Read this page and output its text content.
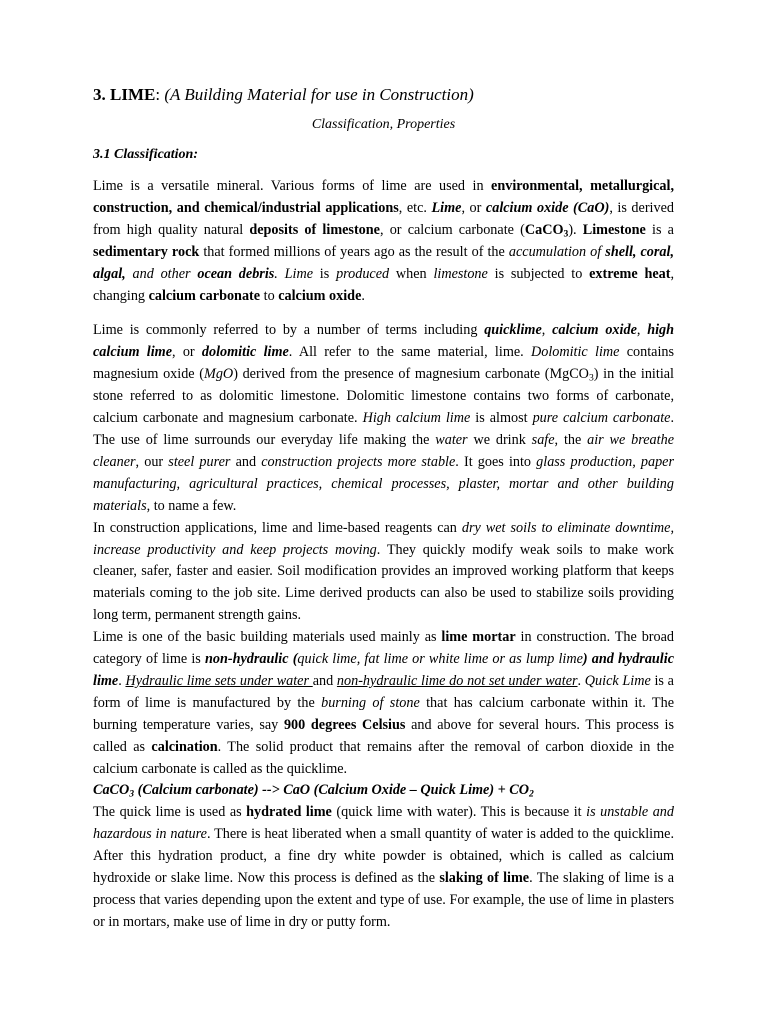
3. LIME: (A Building Material for use in Construction)

Classification, Properties

3.1 Classification:

Lime is a versatile mineral. Various forms of lime are used in environmental, metallurgical, construction, and chemical/industrial applications, etc. Lime, or calcium oxide (CaO), is derived from high quality natural deposits of limestone, or calcium carbonate (CaCO$_3$). Limestone is a sedimentary rock that formed millions of years ago as the result of the accumulation of shell, coral, algal, and other ocean debris. Lime is produced when limestone is subjected to extreme heat, changing calcium carbonate to calcium oxide.

Lime is commonly referred to by a number of terms including quicklime, calcium oxide, high calcium lime, or dolomitic lime. All refer to the same material, lime. Dolomitic lime contains magnesium oxide (MgO) derived from the presence of magnesium carbonate (MgCO$_3$) in the initial stone referred to as dolomitic limestone. Dolomitic limestone contains two forms of carbonate, calcium carbonate and magnesium carbonate. High calcium lime is almost pure calcium carbonate. The use of lime surrounds our everyday life making the water we drink safe, the air we breathe cleaner, our steel purer and construction projects more stable. It goes into glass production, paper manufacturing, agricultural practices, chemical processes, plaster, mortar and other building materials, to name a few.

In construction applications, lime and lime-based reagents can dry wet soils to eliminate downtime, increase productivity and keep projects moving. They quickly modify weak soils to make work cleaner, safer, faster and easier. Soil modification provides an improved working platform that keeps materials coming to the job site. Lime derived products can also be used to stabilize soils providing long term, permanent strength gains.

Lime is one of the basic building materials used mainly as lime mortar in construction. The broad category of lime is non-hydraulic (quick lime, fat lime or white lime or as lump lime) and hydraulic lime. Hydraulic lime sets under water and non-hydraulic lime do not set under water. Quick Lime is a form of lime is manufactured by the burning of stone that has calcium carbonate within it. The burning temperature varies, say 900 degrees Celsius and above for several hours. This process is called as calcination. The solid product that remains after the removal of carbon dioxide in the calcium carbonate is called as the quicklime.

CaCO$_3$ (Calcium carbonate) --> CaO (Calcium Oxide – Quick Lime) + $CO_2$

The quick lime is used as hydrated lime (quick lime with water). This is because it is unstable and hazardous in nature. There is heat liberated when a small quantity of water is added to the quicklime. After this hydration product, a fine dry white powder is obtained, which is called as calcium hydroxide or slake lime. Now this process is defined as the slaking of lime. The slaking of lime is a process that varies depending upon the extent and type of use. For example, the use of lime in plasters or in mortars, make use of lime in dry or putty form.
